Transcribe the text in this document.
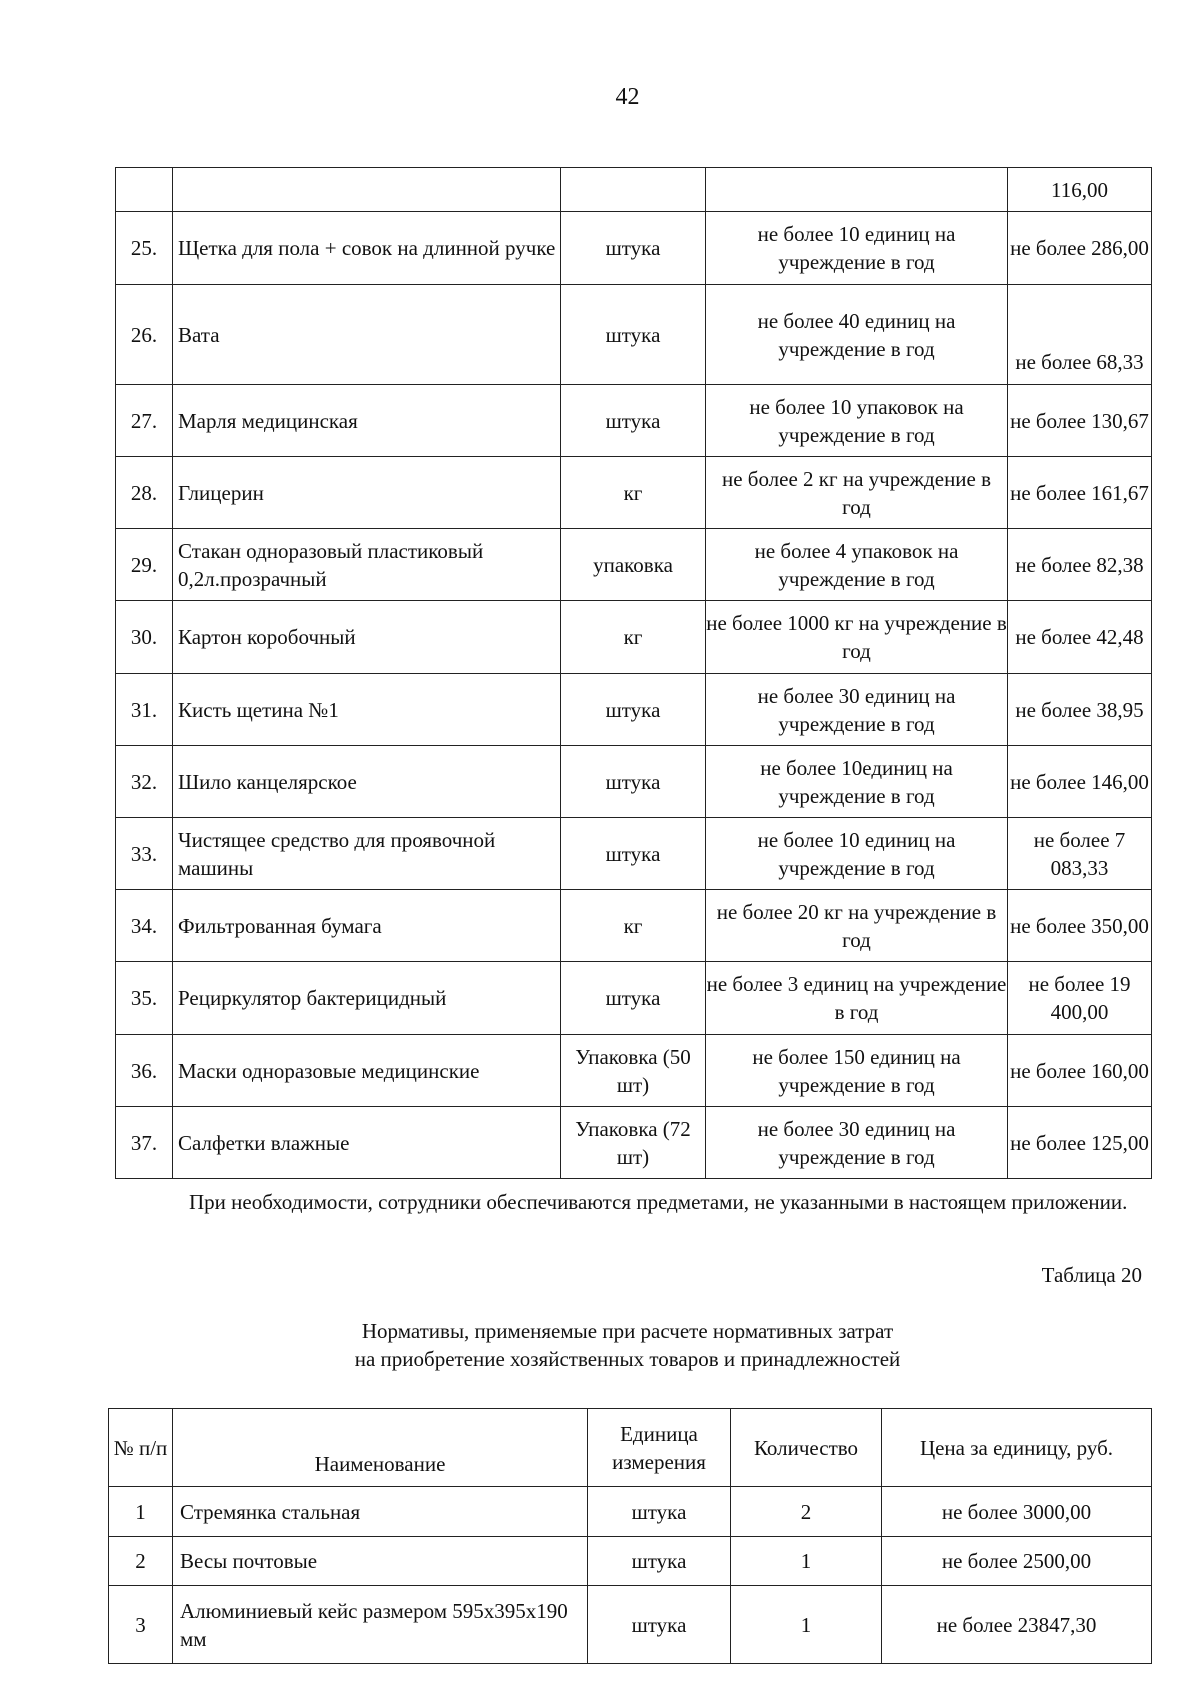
42
				116,00
25.	Щетка для пола + совок на длинной ручке	штука	не более 10 единиц на учреждение в год	не более 286,00
26.	Вата	штука	не более 40 единиц на учреждение в год	не более 68,33
27.	Марля медицинская	штука	не более 10 упаковок на учреждение в год	не более 130,67
28.	Глицерин	кг	не более 2 кг на учреждение в год	не более 161,67
29.	Стакан одноразовый пластиковый 0,2л.прозрачный	упаковка	не более 4 упаковок на учреждение в год	не более 82,38
30.	Картон коробочный	кг	не более 1000 кг на учреждение в год	не более 42,48
31.	Кисть щетина №1	штука	не более 30 единиц на учреждение в год	не более 38,95
32.	Шило канцелярское	штука	не более 10единиц на учреждение в год	не более 146,00
33.	Чистящее средство для проявочной машины	штука	не более 10 единиц на учреждение в год	не более 7 083,33
34.	Фильтрованная бумага	кг	не более 20 кг на учреждение в год	не более 350,00
35.	Рециркулятор бактерицидный	штука	не более 3 единиц на учреждение в год	не более 19 400,00
36.	Маски одноразовые медицинские	Упаковка (50 шт)	не более 150 единиц на учреждение в год	не более 160,00
37.	Салфетки влажные	Упаковка (72 шт)	не более 30 единиц на учреждение в год	не более 125,00

При необходимости, сотрудники обеспечиваются предметами, не указанными в настоящем приложении.

Таблица 20
Нормативы, применяемые при расчете нормативных затрат
на приобретение хозяйственных товаров и принадлежностей
№ п/п	Наименование	Единица измерения	Количество	Цена за единицу, руб.
1	Стремянка стальная	штука	2	не более 3000,00
2	Весы почтовые	штука	1	не более 2500,00
3	Алюминиевый кейс размером 595х395х190 мм	штука	1	не более 23847,30
